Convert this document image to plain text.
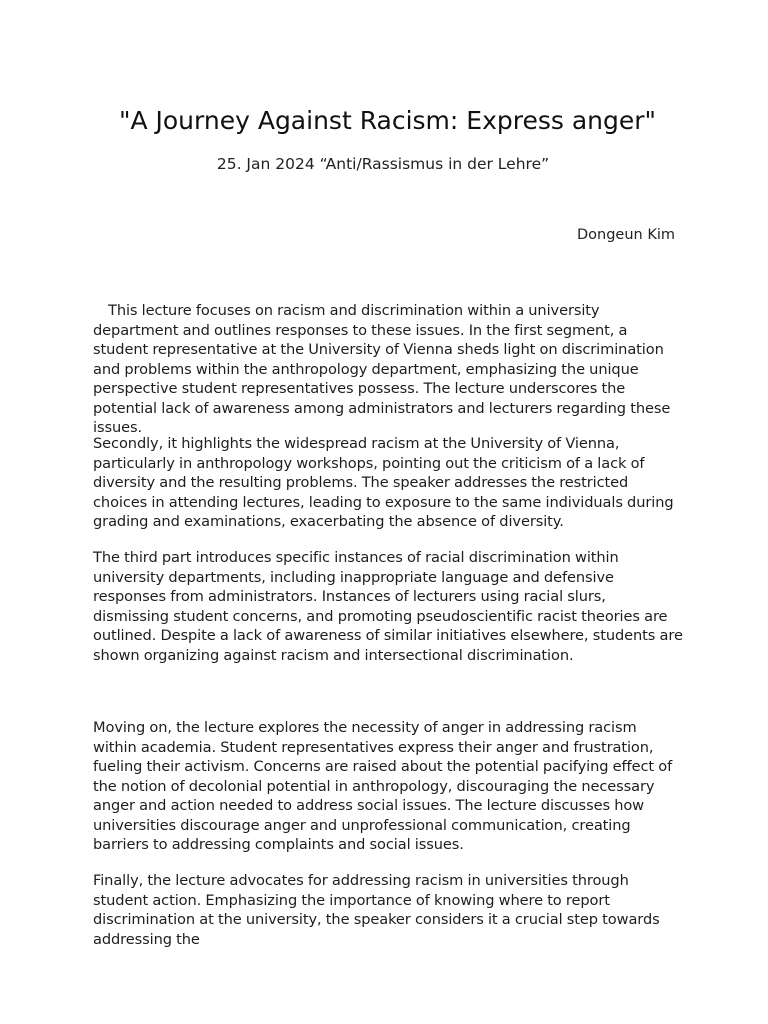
"A Journey Against Racism: Express anger"
25. Jan 2024 “Anti/Rassismus in der Lehre”
Dongeun Kim

This lecture focuses on racism and discrimination within a university department and outlines responses to these issues. In the first segment, a student representative at the University of Vienna sheds light on discrimination and problems within the anthropology department, emphasizing the unique perspective student representatives possess. The lecture underscores the potential lack of awareness among administrators and lecturers regarding these issues.

Secondly, it highlights the widespread racism at the University of Vienna, particularly in anthropology workshops, pointing out the criticism of a lack of diversity and the resulting problems. The speaker addresses the restricted choices in attending lectures, leading to exposure to the same individuals during grading and examinations, exacerbating the absence of diversity.

The third part introduces specific instances of racial discrimination within university departments, including inappropriate language and defensive responses from administrators. Instances of lecturers using racial slurs, dismissing student concerns, and promoting pseudoscientific racist theories are outlined. Despite a lack of awareness of similar initiatives elsewhere, students are shown organizing against racism and intersectional discrimination.

Moving on, the lecture explores the necessity of anger in addressing racism within academia. Student representatives express their anger and frustration, fueling their activism. Concerns are raised about the potential pacifying effect of the notion of decolonial potential in anthropology, discouraging the necessary anger and action needed to address social issues. The lecture discusses how universities discourage anger and unprofessional communication, creating barriers to addressing complaints and social issues.

Finally, the lecture advocates for addressing racism in universities through student action. Emphasizing the importance of knowing where to report discrimination at the university, the speaker considers it a crucial step towards addressing the
